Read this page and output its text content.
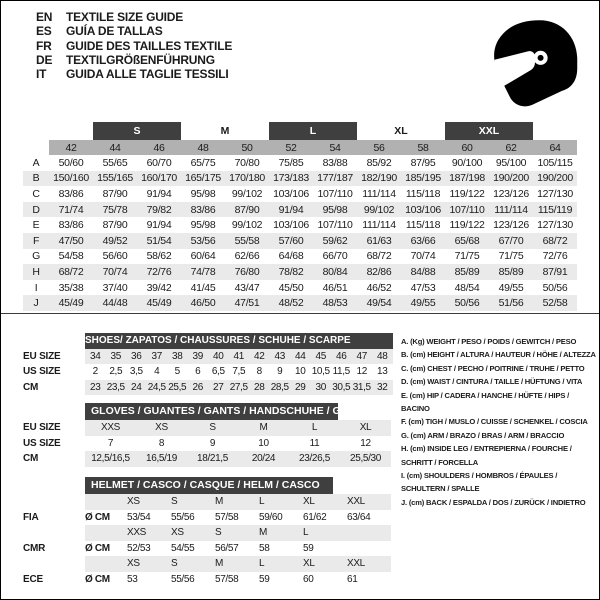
EN	TEXTILE SIZE GUIDE
ES	GUÍA DE TALLAS
FR	GUIDE DES TAILLES TEXTILE
DE	TEXTILGRÖßENFÜHRUNG
IT	GUIDA ALLE TAGLIE TESSILI
		S		M		L		XL		XXL		
	42	44	46	48	50	52	54	56	58	60	62	64
A	50/60	55/65	60/70	65/75	70/80	75/85	83/88	85/92	87/95	90/100	95/100	105/115
B	150/160	155/165	160/170	165/175	170/180	173/183	177/187	182/190	185/195	187/198	190/200	190/200
C	83/86	87/90	91/94	95/98	99/102	103/106	107/110	111/114	115/118	119/122	123/126	127/130
D	71/74	75/78	79/82	83/86	87/90	91/94	95/98	99/102	103/106	107/110	111/114	115/119
E	83/86	87/90	91/94	95/98	99/102	103/106	107/110	111/114	115/118	119/122	123/126	127/130
F	47/50	49/52	51/54	53/56	55/58	57/60	59/62	61/63	63/66	65/68	67/70	68/72
G	54/58	56/60	58/62	60/64	62/66	64/68	66/70	68/72	70/74	71/75	71/75	72/76
H	68/72	70/74	72/76	74/78	76/80	78/82	80/84	82/86	84/88	85/89	85/89	87/91
I	35/38	37/40	39/42	41/45	43/47	45/50	46/51	46/52	47/53	48/54	49/55	50/56
J	45/49	44/48	45/49	46/50	47/51	48/52	48/53	49/54	49/55	50/56	51/56	52/58
	SHOES/ ZAPATOS / CHAUSSURES / SCHUHE / SCARPE														
EU SIZE	34	35	36	37	38	39	40	41	42	43	44	45	46	47	48
US SIZE	2	2,5	3,5	4	5	6	6,5	7,5	8	9	10	10,5	11,5	12	13
CM	23	23,5	24	24,5	25,5	26	27	27,5	28	28,5	29	30	30,5	31,5	32

	GLOVES / GUANTES / GANTS / HANDSCHUHE / GUANTI					

EU SIZE	XXS	XS	S	M	L	XL
US SIZE	7	8	9	10	11	12
CM	12,5/16,5	16,5/19	18/21,5	20/24	23/26,5	25,5/30

	HELMET / CASCO / CASQUE / HELM / CASCO						

		XS	S	M	L	XL	XXL
FIA	Ø CM	53/54	55/56	57/58	59/60	61/62	63/64
		XXS	XS	S	M	L	
CMR	Ø CM	52/53	54/55	56/57	58	59	
		XS	S	M	L	XL	XXL
ECE	Ø CM	53	55/56	57/58	59	60	61
A. (Kg) WEIGHT / PESO / POIDS / GEWITCH / PESO
B. (cm) HEIGHT / ALTURA / HAUTEUR / HÖHE / ALTEZZA
C. (cm) CHEST / PECHO / POITRINE / TRUHE / PETTO
D. (cm) WAIST / CINTURA / TAILLE / HÜFTUNG / VITA
E. (cm) HIP / CADERA / HANCHE / HÜFTE / HIPS / BACINO
F. (cm) TIGH / MUSLO / CUISSE / SCHENKEL / COSCIA
G. (cm) ARM / BRAZO / BRAS / ARM / BRACCIO
H. (cm) INSIDE LEG / ENTREPIERNA / FOURCHE / SCHRITT / FORCELLA
I. (cm) SHOULDERS / HOMBROS / ÉPAULES / SCHULTERN / SPALLE
J. (cm) BACK / ESPALDA / DOS / ZURÜCK / INDIETRO
